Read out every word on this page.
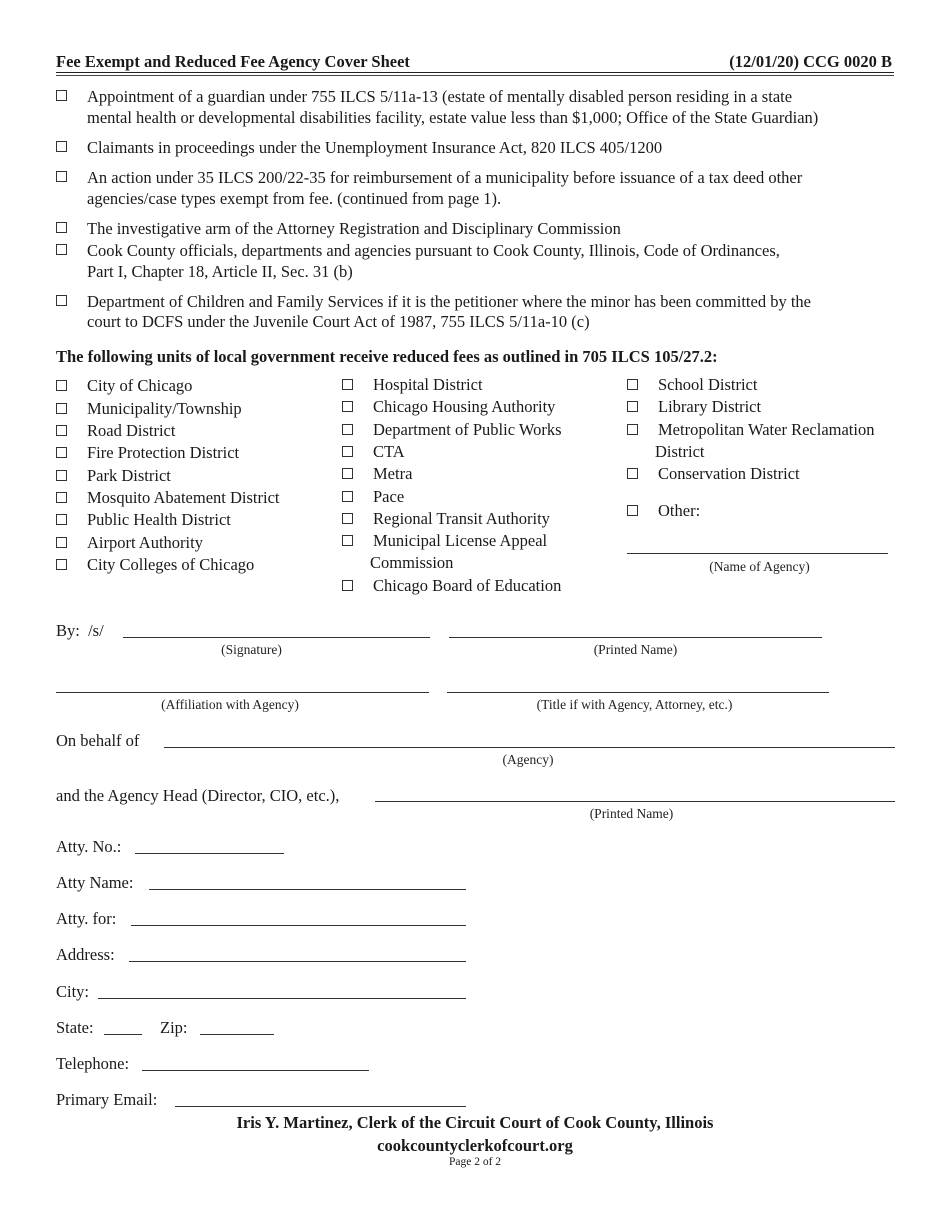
Fee Exempt and Reduced Fee Agency Cover Sheet	(12/01/20) CCG 0020 B
Appointment of a guardian under 755 ILCS 5/11a-13 (estate of mentally disabled person residing in a state
mental health or developmental disabilities facility, estate value less than $1,000; Office of the State Guardian)
Claimants in proceedings under the Unemployment Insurance Act, 820 ILCS 405/1200
An action under 35 ILCS 200/22-35 for reimbursement of a municipality before issuance of a tax deed other
agencies/case types exempt from fee. (continued from page 1).
The investigative arm of the Attorney Registration and Disciplinary Commission
Cook County officials, departments and agencies pursuant to Cook County, Illinois, Code of Ordinances,
Part I, Chapter 18, Article II, Sec. 31 (b)
Department of Children and Family Services if it is the petitioner where the minor has been committed by the
court to DCFS under the Juvenile Court Act of 1987, 755 ILCS 5/11a-10 (c)
The following units of local government receive reduced fees as outlined in 705 ILCS 105/27.2:
City of Chicago
Municipality/Township
Road District
Fire Protection District
Park District
Mosquito Abatement District
Public Health District
Airport Authority
City Colleges of Chicago
Hospital District
Chicago Housing Authority
Department of Public Works
CTA
Metra
Pace
Regional Transit Authority
Municipal License Appeal
Commission
Chicago Board of Education
School District
Library District
Metropolitan Water Reclamation
District
Conservation District
Other:
(Name of Agency)
By: /s/
(Signature)	(Printed Name)
(Affiliation with Agency)	(Title if with Agency, Attorney, etc.)
On behalf of
(Agency)
and the Agency Head (Director, CIO, etc.),
(Printed Name)
Atty. No.:
Atty Name:
Atty. for:
Address:
City:
State:	Zip:
Telephone:
Primary Email:
Iris Y. Martinez, Clerk of the Circuit Court of Cook County, Illinois
cookcountyclerkofcourt.org
Page 2 of 2
